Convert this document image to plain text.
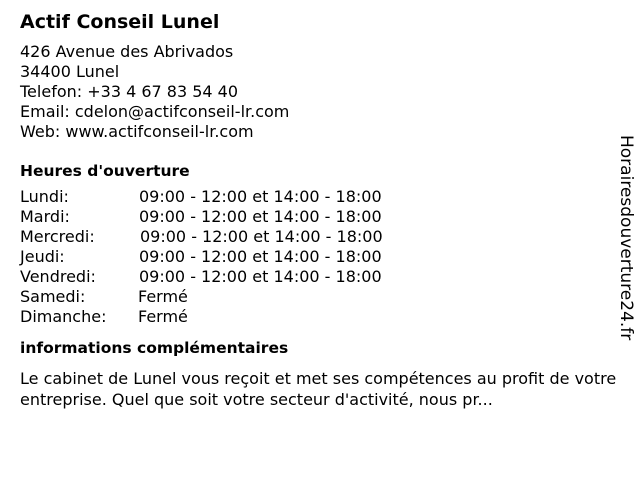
Actif Conseil Lunel
426 Avenue des Abrivados
34400 Lunel
Telefon: +33 4 67 83 54 40
Email: cdelon@actifconseil-lr.com
Web: www.actifconseil-lr.com
Heures d'ouverture
Lundi:	09:00 - 12:00 et 14:00 - 18:00
Mardi:	09:00 - 12:00 et 14:00 - 18:00
Mercredi:	09:00 - 12:00 et 14:00 - 18:00
Jeudi:	09:00 - 12:00 et 14:00 - 18:00
Vendredi:	09:00 - 12:00 et 14:00 - 18:00
Samedi:	Fermé
Dimanche: Fermé
informations complémentaires
Le cabinet de Lunel vous reçoit et met ses compétences au profit de votre entreprise. Quel que soit votre secteur d'activité, nous pr...
Horairesdouverture24.fr
